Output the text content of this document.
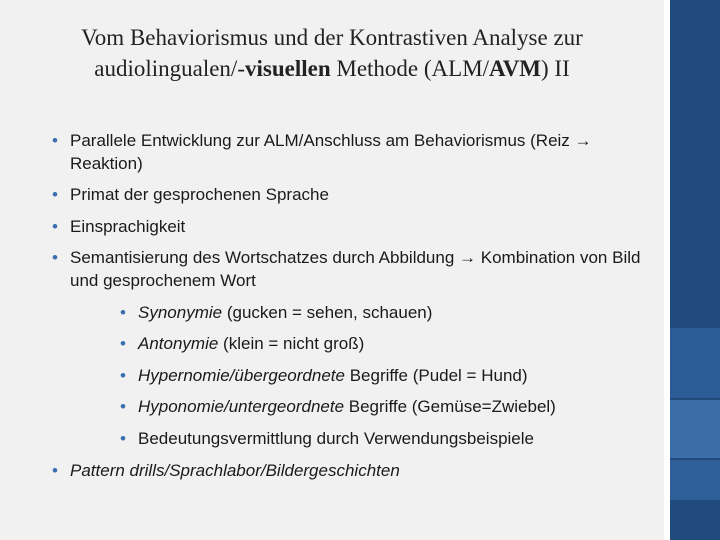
Vom Behaviorismus und der Kontrastiven Analyse zur
audiolingualen/-visuellen Methode (ALM/AVM) II
• Parallele Entwicklung zur ALM/Anschluss am Behaviorismus (Reiz → Reaktion)
• Primat der gesprochenen Sprache
• Einsprachigkeit
• Semantisierung des Wortschatzes durch Abbildung → Kombination von Bild und gesprochenem Wort
• Synonymie (gucken = sehen, schauen)
• Antonymie (klein = nicht groß)
• Hypernomie/übergeordnete Begriffe (Pudel = Hund)
• Hyponomie/untergeordnete Begriffe (Gemüse=Zwiebel)
• Bedeutungsvermittlung durch Verwendungsbeispiele
• Pattern drills/Sprachlabor/Bildergeschichten
